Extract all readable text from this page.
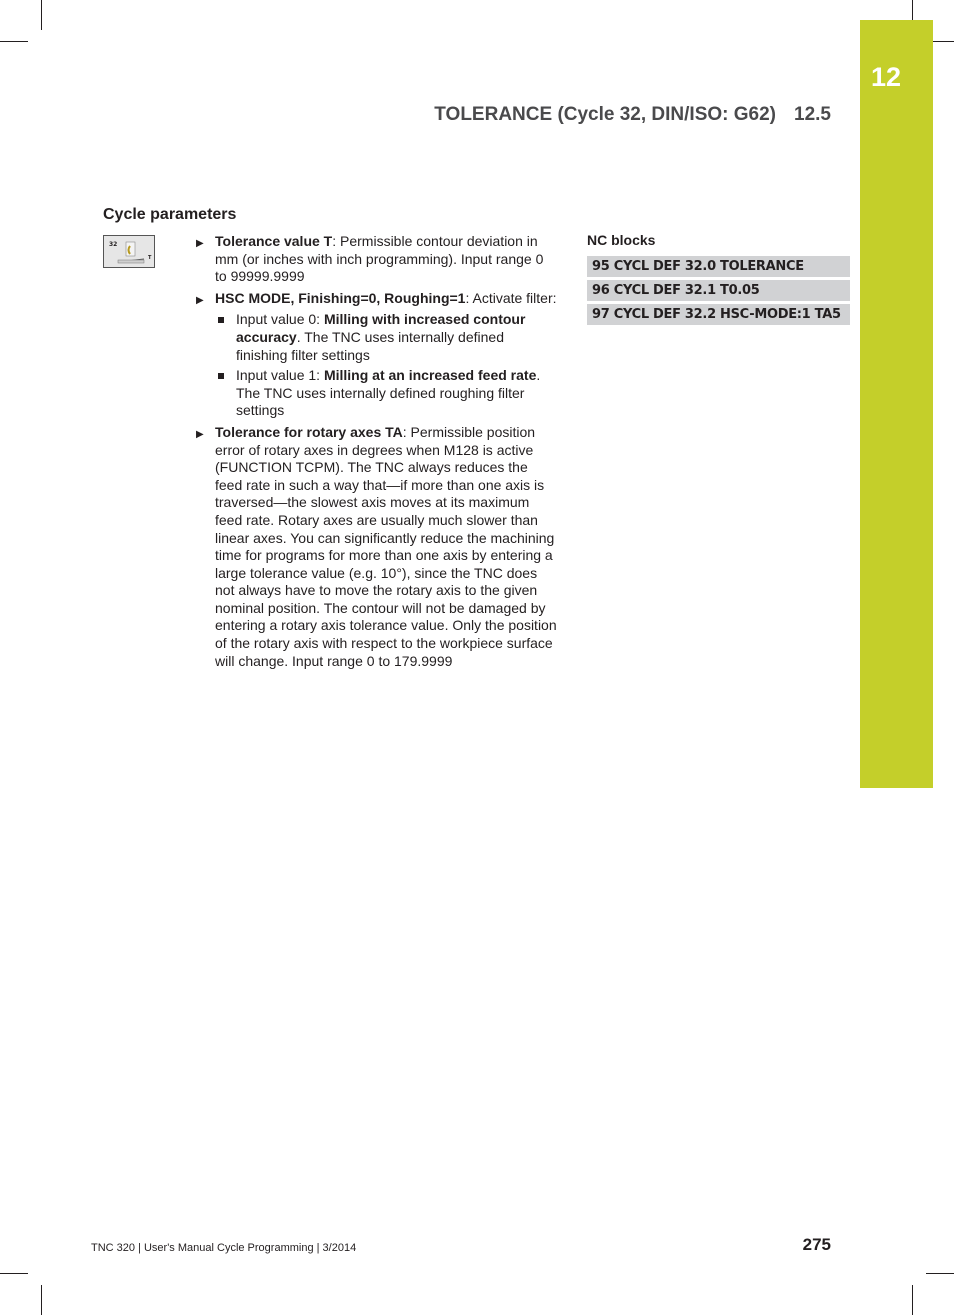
12
TOLERANCE (Cycle 32, DIN/ISO: G62) 12.5
Cycle parameters
32
T
▶ Tolerance value T: Permissible contour deviation in mm (or inches with inch programming). Input range 0 to 99999.9999
▶ HSC MODE, Finishing=0, Roughing=1: Activate filter:
Input value 0: Milling with increased contour accuracy. The TNC uses internally defined finishing filter settings
Input value 1: Milling at an increased feed rate. The TNC uses internally defined roughing filter settings
▶ Tolerance for rotary axes TA: Permissible position error of rotary axes in degrees when M128 is active (FUNCTION TCPM). The TNC always reduces the feed rate in such a way that—if more than one axis is traversed—the slowest axis moves at its maximum feed rate. Rotary axes are usually much slower than linear axes. You can significantly reduce the machining time for programs for more than one axis by entering a large tolerance value (e.g. 10°), since the TNC does not always have to move the rotary axis to the given nominal position. The contour will not be damaged by entering a rotary axis tolerance value. Only the position of the rotary axis with respect to the workpiece surface will change. Input range 0 to 179.9999
NC blocks
95 CYCL DEF 32.0 TOLERANCE
96 CYCL DEF 32.1 T0.05
97 CYCL DEF 32.2 HSC-MODE:1 TA5
TNC 320 | User's Manual Cycle Programming | 3/2014	275
